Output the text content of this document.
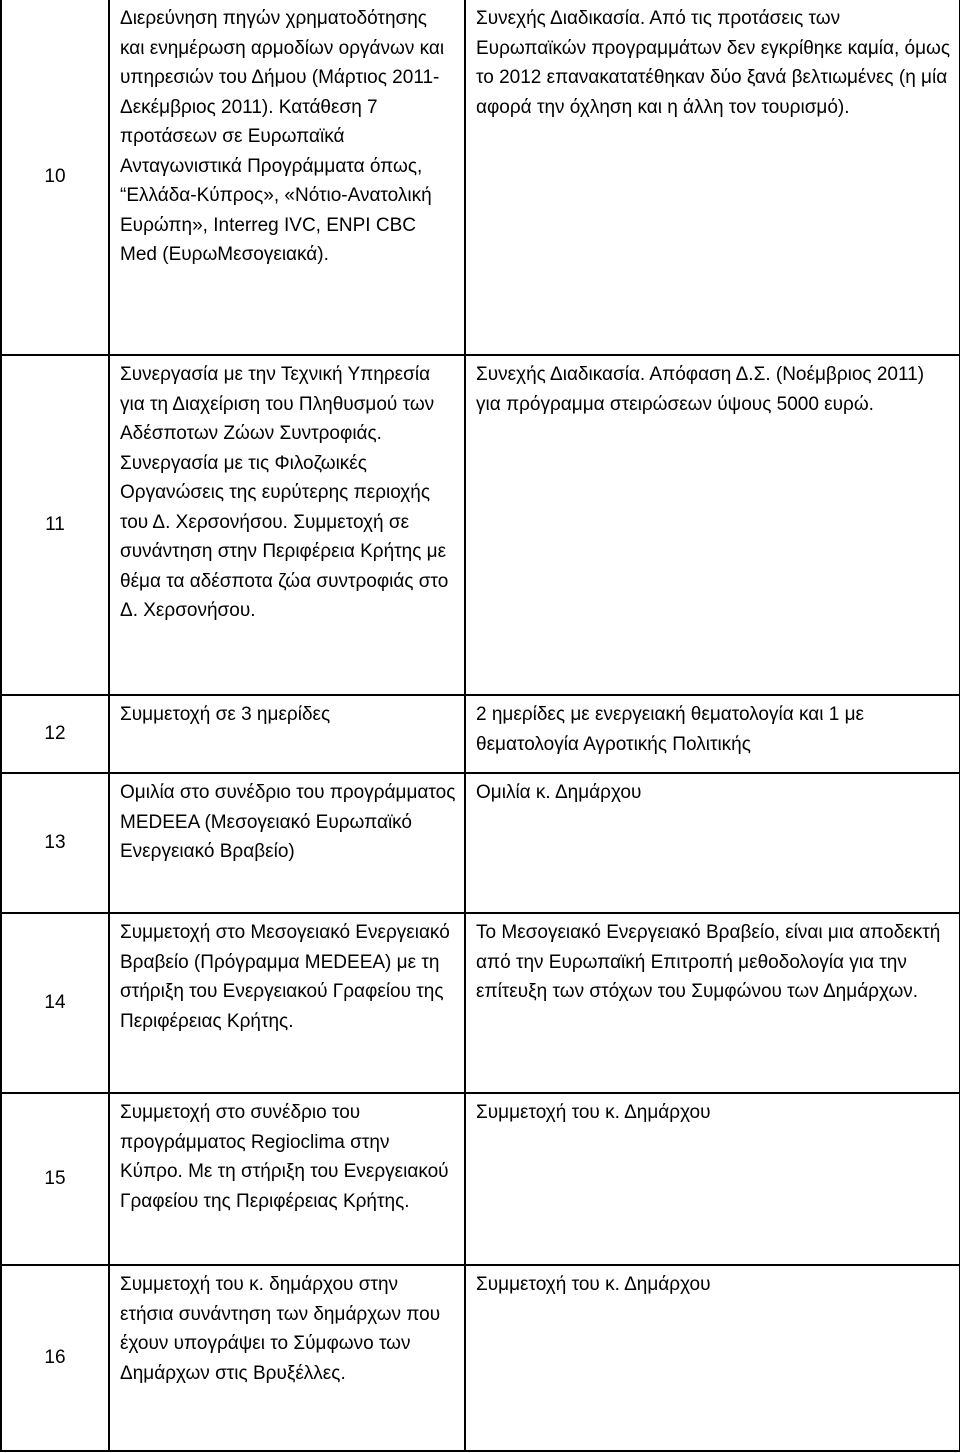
10	Διερεύνηση πηγών χρηματοδότησης και ενημέρωση αρμοδίων οργάνων και υπηρεσιών του Δήμου (Μάρτιος 2011-Δεκέμβριος 2011). Κατάθεση 7 προτάσεων σε Ευρωπαϊκά Ανταγωνιστικά Προγράμματα όπως, “Ελλάδα-Κύπρος», «Νότιο-Ανατολική Ευρώπη», Interreg IVC, ENPI CBC Med (ΕυρωΜεσογειακά).	Συνεχής Διαδικασία. Από τις προτάσεις των Ευρωπαϊκών προγραμμάτων δεν εγκρίθηκε καμία, όμως το 2012 επανακατατέθηκαν δύο ξανά βελτιωμένες (η μία αφορά την όχληση και η άλλη τον τουρισμό).
11	Συνεργασία με την Τεχνική Υπηρεσία για τη Διαχείριση του Πληθυσμού των Αδέσποτων Ζώων Συντροφιάς. Συνεργασία με τις Φιλοζωικές Οργανώσεις της ευρύτερης περιοχής του Δ. Χερσονήσου. Συμμετοχή σε συνάντηση στην Περιφέρεια Κρήτης με θέμα τα αδέσποτα ζώα συντροφιάς στο Δ. Χερσονήσου.	Συνεχής Διαδικασία. Απόφαση Δ.Σ. (Νοέμβριος 2011) για πρόγραμμα στειρώσεων ύψους 5000 ευρώ.
12	Συμμετοχή σε 3 ημερίδες	2 ημερίδες με ενεργειακή θεματολογία και 1 με θεματολογία Αγροτικής Πολιτικής
13	Ομιλία στο συνέδριο του προγράμματος MEDEEA (Μεσογειακό Ευρωπαϊκό Ενεργειακό Βραβείο)	Ομιλία κ. Δημάρχου
14	Συμμετοχή στο Μεσογειακό Ενεργειακό Βραβείο (Πρόγραμμα MEDEEA) με τη στήριξη του Ενεργειακού Γραφείου της Περιφέρειας Κρήτης.	Το Μεσογειακό Ενεργειακό Βραβείο, είναι μια αποδεκτή από την Ευρωπαϊκή Επιτροπή μεθοδολογία για την επίτευξη των στόχων του Συμφώνου των Δημάρχων.
15	Συμμετοχή στο συνέδριο του προγράμματος Regioclima στην Κύπρο. Με τη στήριξη του Ενεργειακού Γραφείου της Περιφέρειας Κρήτης.	Συμμετοχή του κ. Δημάρχου
16	Συμμετοχή του κ. δημάρχου στην ετήσια συνάντηση των δημάρχων που έχουν υπογράψει το Σύμφωνο των Δημάρχων στις Βρυξέλλες.	Συμμετοχή του κ. Δημάρχου
